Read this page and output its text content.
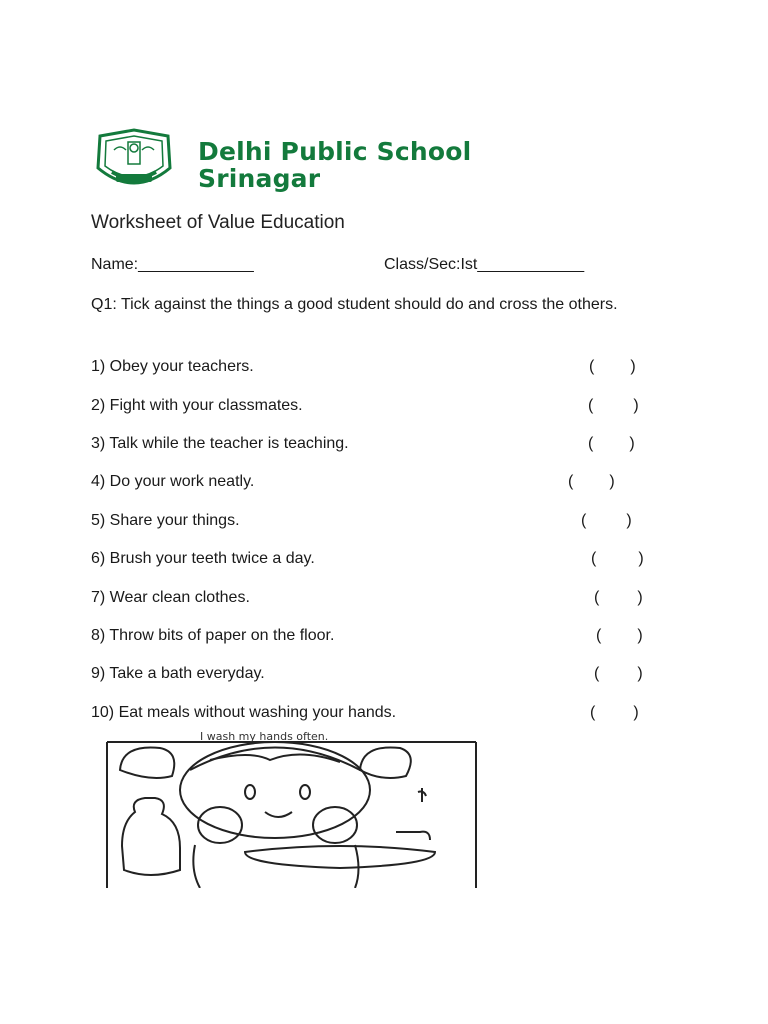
Delhi Public School
Srinagar
Worksheet of Value Education
Name:_____________	Class/Sec:Ist____________
Q1: Tick against the things a good student should do and cross the others.
1) Obey your teachers.	( )
2) Fight with your classmates.	(	)
3) Talk while the teacher is teaching.	( )
4) Do your work neatly.	( )
5) Share your things.	(	)
6) Brush your teeth twice a day.	(	)
7) Wear clean clothes.	( )
8) Throw bits of paper on the floor.	( )
9) Take a bath everyday.	( )
10) Eat meals without washing your hands.	( )
I wash my hands often.
